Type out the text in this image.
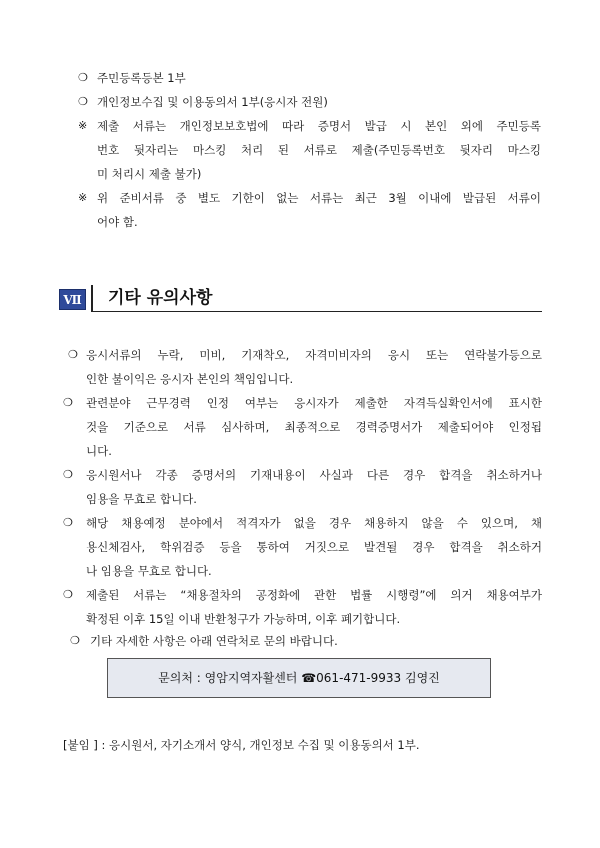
❍ 주민등록등본 1부
❍ 개인정보수집 및 이용동의서 1부(응시자 전원)
※ 제출 서류는 개인정보보호법에 따라 증명서 발급 시 본인 외에 주민등록
번호 뒷자리는 마스킹 처리 된 서류로 제출(주민등록번호 뒷자리 마스킹
미 처리시 제출 불가)
※ 위 준비서류 중 별도 기한이 없는 서류는 최근 3월 이내에 발급된 서류이
어야 함.
Ⅶ 기타 유의사항
❍ 응시서류의 누락, 미비, 기재착오, 자격미비자의 응시 또는 연락불가등으로
인한 불이익은 응시자 본인의 책임입니다.
❍ 관련분야 근무경력 인정 여부는 응시자가 제출한 자격득실확인서에 표시한
것을 기준으로 서류 심사하며, 최종적으로 경력증명서가 제출되어야 인정됩
니다.
❍ 응시원서나 각종 증명서의 기재내용이 사실과 다른 경우 합격을 취소하거나
임용을 무효로 합니다.
❍ 해당 채용예정 분야에서 적격자가 없을 경우 채용하지 않을 수 있으며, 채
용신체검사, 학위검증 등을 통하여 거짓으로 발견될 경우 합격을 취소하거
나 임용을 무효로 합니다.
❍ 제출된 서류는 “채용절차의 공정화에 관한 법률 시행령”에 의거 채용여부가
확정된 이후 15일 이내 반환청구가 가능하며, 이후 폐기합니다.
❍ 기타 자세한 사항은 아래 연락처로 문의 바랍니다.
문의처 : 영암지역자활센터 ☎061-471-9933 김영진
[붙임 ] : 응시원서, 자기소개서 양식, 개인정보 수집 및 이용동의서 1부.
